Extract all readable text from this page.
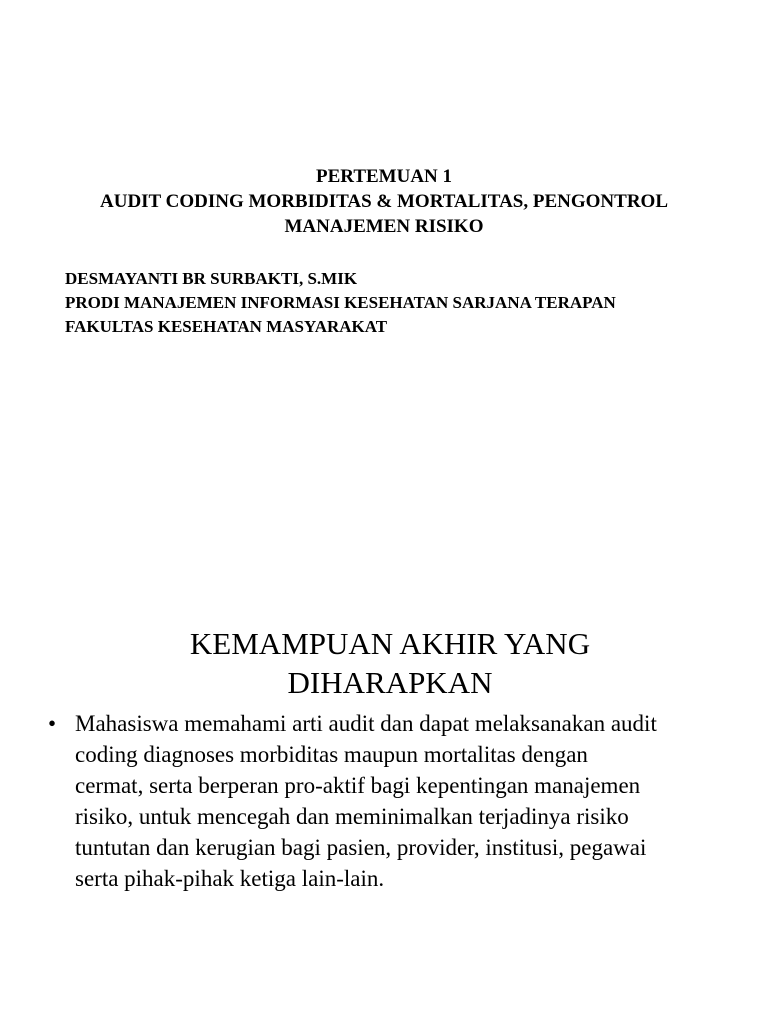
PERTEMUAN 1
AUDIT CODING MORBIDITAS & MORTALITAS, PENGONTROL
MANAJEMEN RISIKO
DESMAYANTI BR SURBAKTI, S.MIK
PRODI MANAJEMEN INFORMASI KESEHATAN SARJANA TERAPAN
FAKULTAS KESEHATAN MASYARAKAT
KEMAMPUAN AKHIR YANG
DIHARAPKAN
• Mahasiswa memahami arti audit dan dapat melaksanakan audit
coding diagnoses morbiditas maupun mortalitas dengan
cermat, serta berperan pro-aktif bagi kepentingan manajemen
risiko, untuk mencegah dan meminimalkan terjadinya risiko
tuntutan dan kerugian bagi pasien, provider, institusi, pegawai
serta pihak-pihak ketiga lain-lain.
